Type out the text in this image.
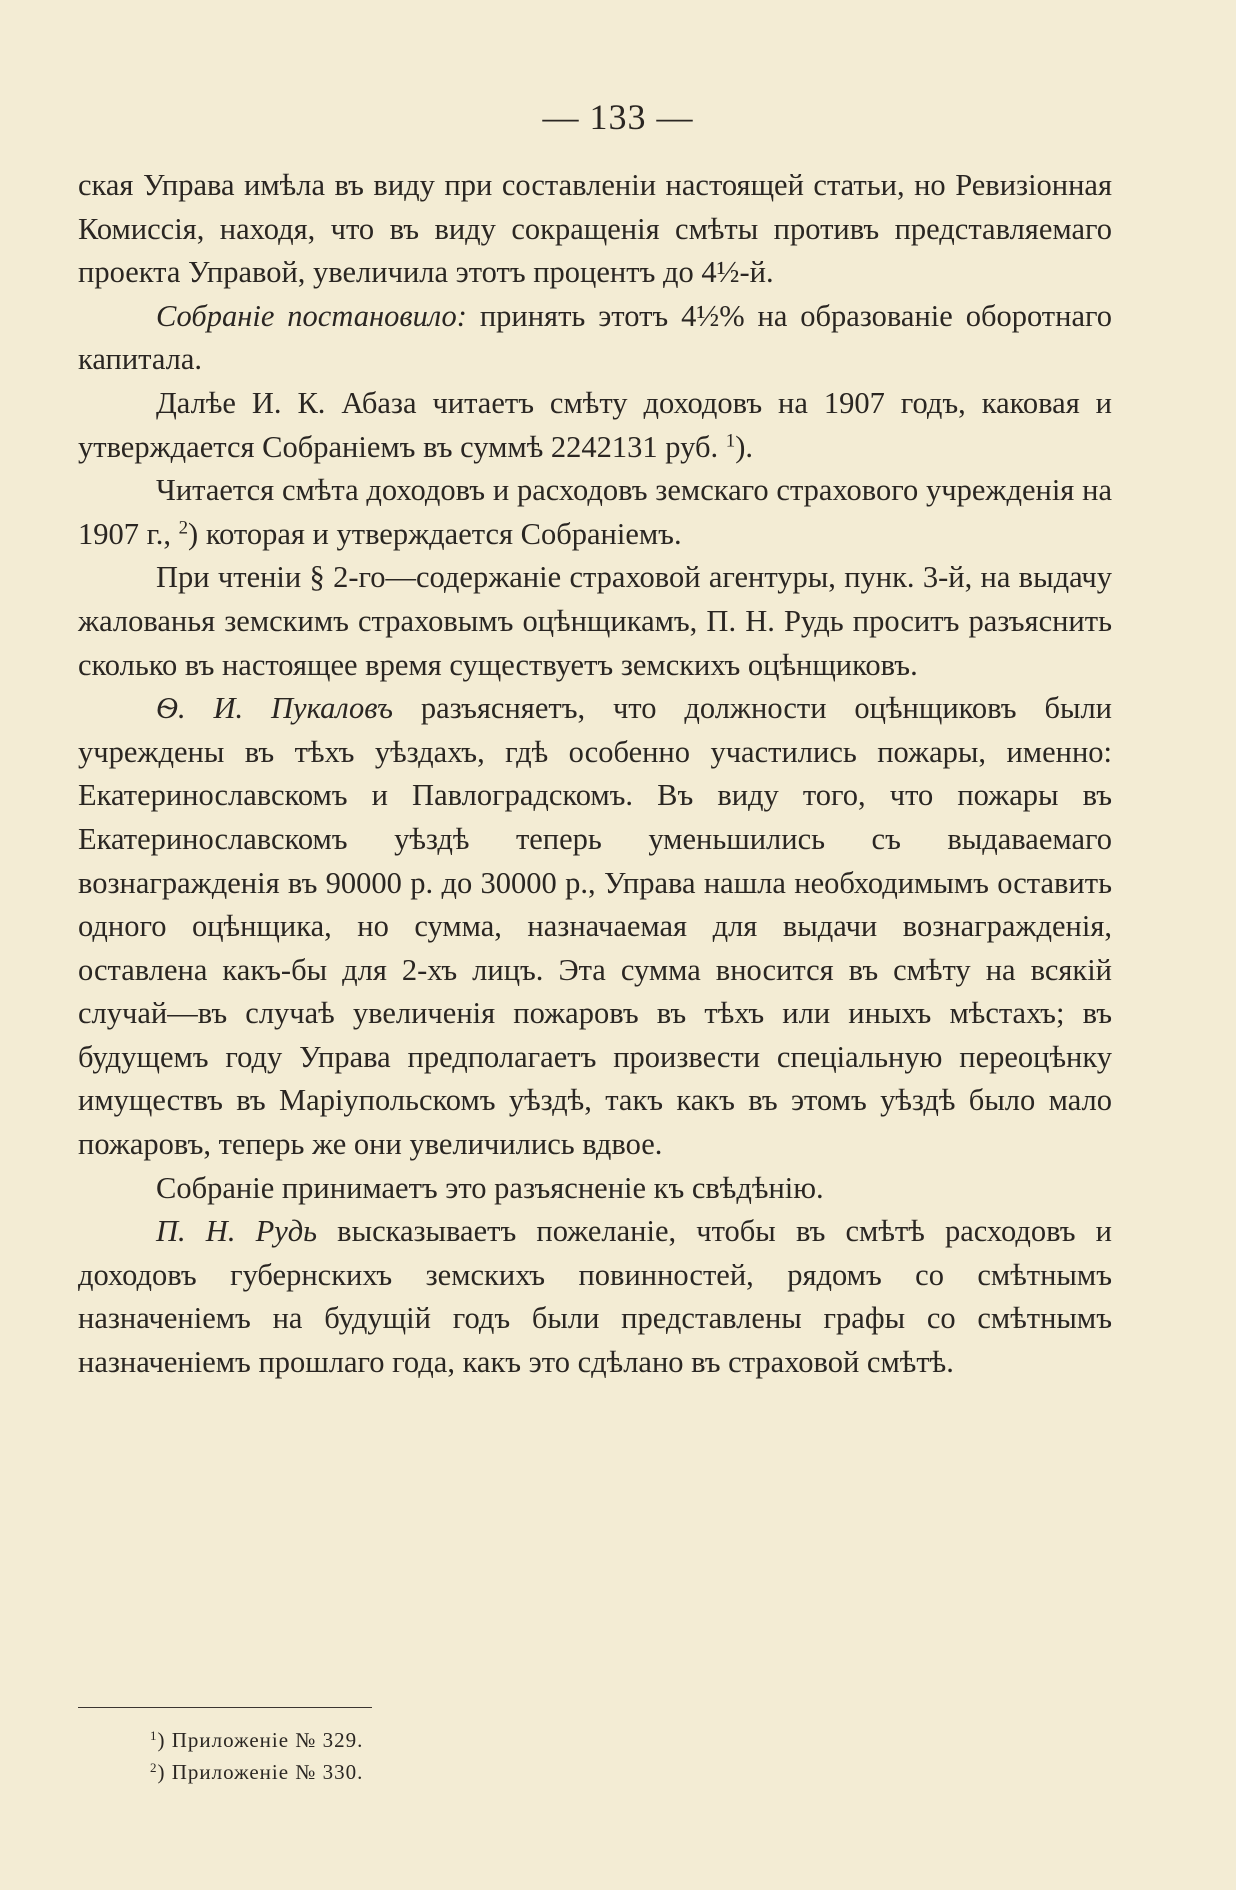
— 133 —

ская Управа имѣла въ виду при составленіи настоящей статьи, но Ревизіонная Комиссія, находя, что въ виду сокращенія смѣты противъ представляемаго проекта Управой, увеличила этотъ процентъ до 4½-й.

Собраніе постановило: принять этотъ 4½% на образованіе оборотнаго капитала.

Далѣе И. К. Абаза читаетъ смѣту доходовъ на 1907 годъ, каковая и утверждается Собраніемъ въ суммѣ 2242131 руб. $^1$).

Читается смѣта доходовъ и расходовъ земскаго страхового учрежденія на 1907 г., $^2$) которая и утверждается Собраніемъ.

При чтеніи § 2-го—содержаніе страховой агентуры, пунк. 3-й, на выдачу жалованья земскимъ страховымъ оцѣнщикамъ, П. Н. Рудь проситъ разъяснить сколько въ настоящее время существуетъ земскихъ оцѣнщиковъ.

Ѳ. И. Пукаловъ разъясняетъ, что должности оцѣнщиковъ были учреждены въ тѣхъ уѣздахъ, гдѣ особенно участились пожары, именно: Екатеринославскомъ и Павлоградскомъ. Въ виду того, что пожары въ Екатеринославскомъ уѣздѣ теперь уменьшились съ выдаваемаго вознагражденія въ 90000 р. до 30000 р., Управа нашла необходимымъ оставить одного оцѣнщика, но сумма, назначаемая для выдачи вознагражденія, оставлена какъ-бы для 2-хъ лицъ. Эта сумма вносится въ смѣту на всякій случай—въ случаѣ увеличенія пожаровъ въ тѣхъ или иныхъ мѣстахъ; въ будущемъ году Управа предполагаетъ произвести спеціальную переоцѣнку имуществъ въ Маріупольскомъ уѣздѣ, такъ какъ въ этомъ уѣздѣ было мало пожаровъ, теперь же они увеличились вдвое.

Собраніе принимаетъ это разъясненіе къ свѣдѣнію.

П. Н. Рудь высказываетъ пожеланіе, чтобы въ смѣтѣ расходовъ и доходовъ губернскихъ земскихъ повинностей, рядомъ со смѣтнымъ назначеніемъ на будущій годъ были представлены графы со смѣтнымъ назначеніемъ прошлаго года, какъ это сдѣлано въ страховой смѣтѣ.

$^1$) Приложеніе № 329.
$^2$) Приложеніе № 330.
